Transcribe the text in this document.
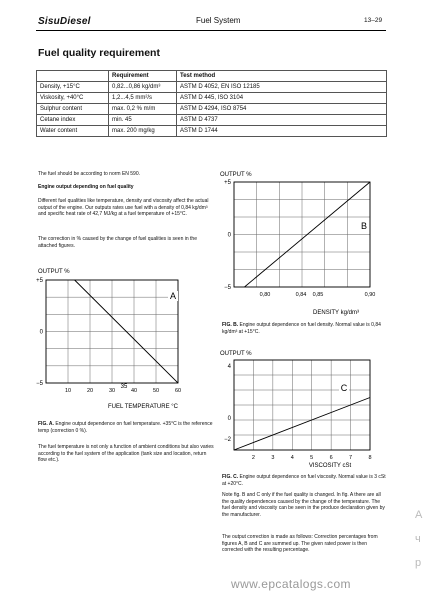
SisuDiesel	Fuel System	13–29
Fuel quality requirement
	Requirement	Test method
Density, +15°C	0,82...0,86 kg/dm³	ASTM D 4052, EN ISO 12185
Viskosity, +40°C	1,2...4,5 mm²/s	ASTM D 445, ISO 3104
Sulphur content	max. 0,2 % m/m	ASTM D 4294, ISO 8754
Cetane index	min. 45	ASTM D 4737
Water content	max. 200 mg/kg	ASTM D 1744
The fuel should be according to norm EN 590.
Engine output depending on fuel quality
Different fuel qualities like temperature, density and viscosity affect the actual output of the engine. Our outputs rates use fuel with a density of 0,84 kg/dm³ and specific heat rate of 42,7 MJ/kg at a fuel temperature of +15°C.
The correction in % caused by the change of fuel qualities is seen in the attached figures.
+5
0
−5
10	20	30	40	50	60
OUTPUT %
FUEL TEMPERATURE °C
A
35
FIG. A. Engine output dependence on fuel temperature. +35°C is the reference temp (correction 0 %).
The fuel temperature is not only a function of ambient conditions but also varies according to the fuel system of the application (tank size and location, return flow etc.).
+5
0
−5
0,80	0,84 0,85	0,90
OUTPUT %
DENSITY kg/dm³
B
FIG. B. Engine output dependence on fuel density. Normal value is 0,84 kg/dm³ at +15°C.
4
0
−2
2	3	4	5	6	7	8
OUTPUT %
VISCOSITY cSt
C
FIG. C. Engine output dependence on fuel viscosity. Normal value is 3 cSt at +20°C.
Note fig. B and C only if the fuel quality is changed. In fig. A there are all the quality dependences caused by the change of the temperature. The fuel density and viscosity can be seen in the produce declaration given by the manufacturer.
The output correction is made as follows: Correction percentages from figures A, B and C are summed up. The given rated power is then corrected with the resulting percentage.
www.epcatalogs.com
A
ч
p
